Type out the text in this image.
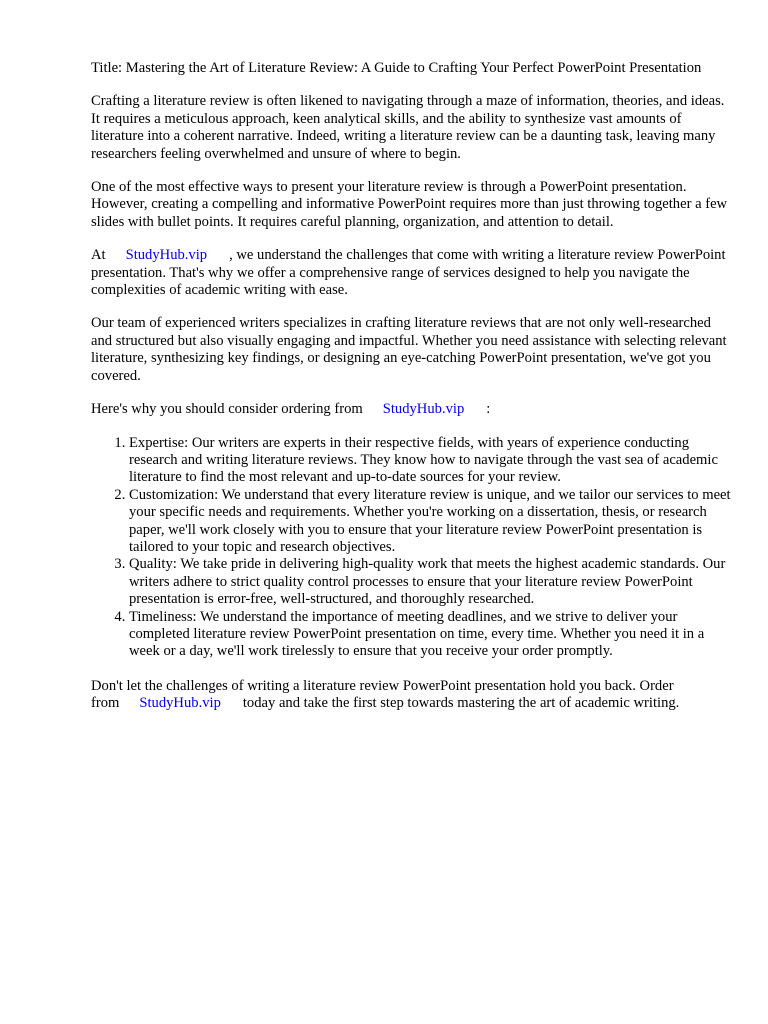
Title: Mastering the Art of Literature Review: A Guide to Crafting Your Perfect PowerPoint Presentation

Crafting a literature review is often likened to navigating through a maze of information, theories, and ideas. It requires a meticulous approach, keen analytical skills, and the ability to synthesize vast amounts of literature into a coherent narrative. Indeed, writing a literature review can be a daunting task, leaving many researchers feeling overwhelmed and unsure of where to begin.

One of the most effective ways to present your literature review is through a PowerPoint presentation. However, creating a compelling and informative PowerPoint requires more than just throwing together a few slides with bullet points. It requires careful planning, organization, and attention to detail.

At StudyHub.vip , we understand the challenges that come with writing a literature review PowerPoint presentation. That's why we offer a comprehensive range of services designed to help you navigate the complexities of academic writing with ease.

Our team of experienced writers specializes in crafting literature reviews that are not only well-researched and structured but also visually engaging and impactful. Whether you need assistance with selecting relevant literature, synthesizing key findings, or designing an eye-catching PowerPoint presentation, we've got you covered.

Here's why you should consider ordering from StudyHub.vip :

1. Expertise: Our writers are experts in their respective fields, with years of experience conducting research and writing literature reviews. They know how to navigate through the vast sea of academic literature to find the most relevant and up-to-date sources for your review.
2. Customization: We understand that every literature review is unique, and we tailor our services to meet your specific needs and requirements. Whether you're working on a dissertation, thesis, or research paper, we'll work closely with you to ensure that your literature review PowerPoint presentation is tailored to your topic and research objectives.
3. Quality: We take pride in delivering high-quality work that meets the highest academic standards. Our writers adhere to strict quality control processes to ensure that your literature review PowerPoint presentation is error-free, well-structured, and thoroughly researched.
4. Timeliness: We understand the importance of meeting deadlines, and we strive to deliver your completed literature review PowerPoint presentation on time, every time. Whether you need it in a week or a day, we'll work tirelessly to ensure that you receive your order promptly.

Don't let the challenges of writing a literature review PowerPoint presentation hold you back. Order from StudyHub.vip today and take the first step towards mastering the art of academic writing.
